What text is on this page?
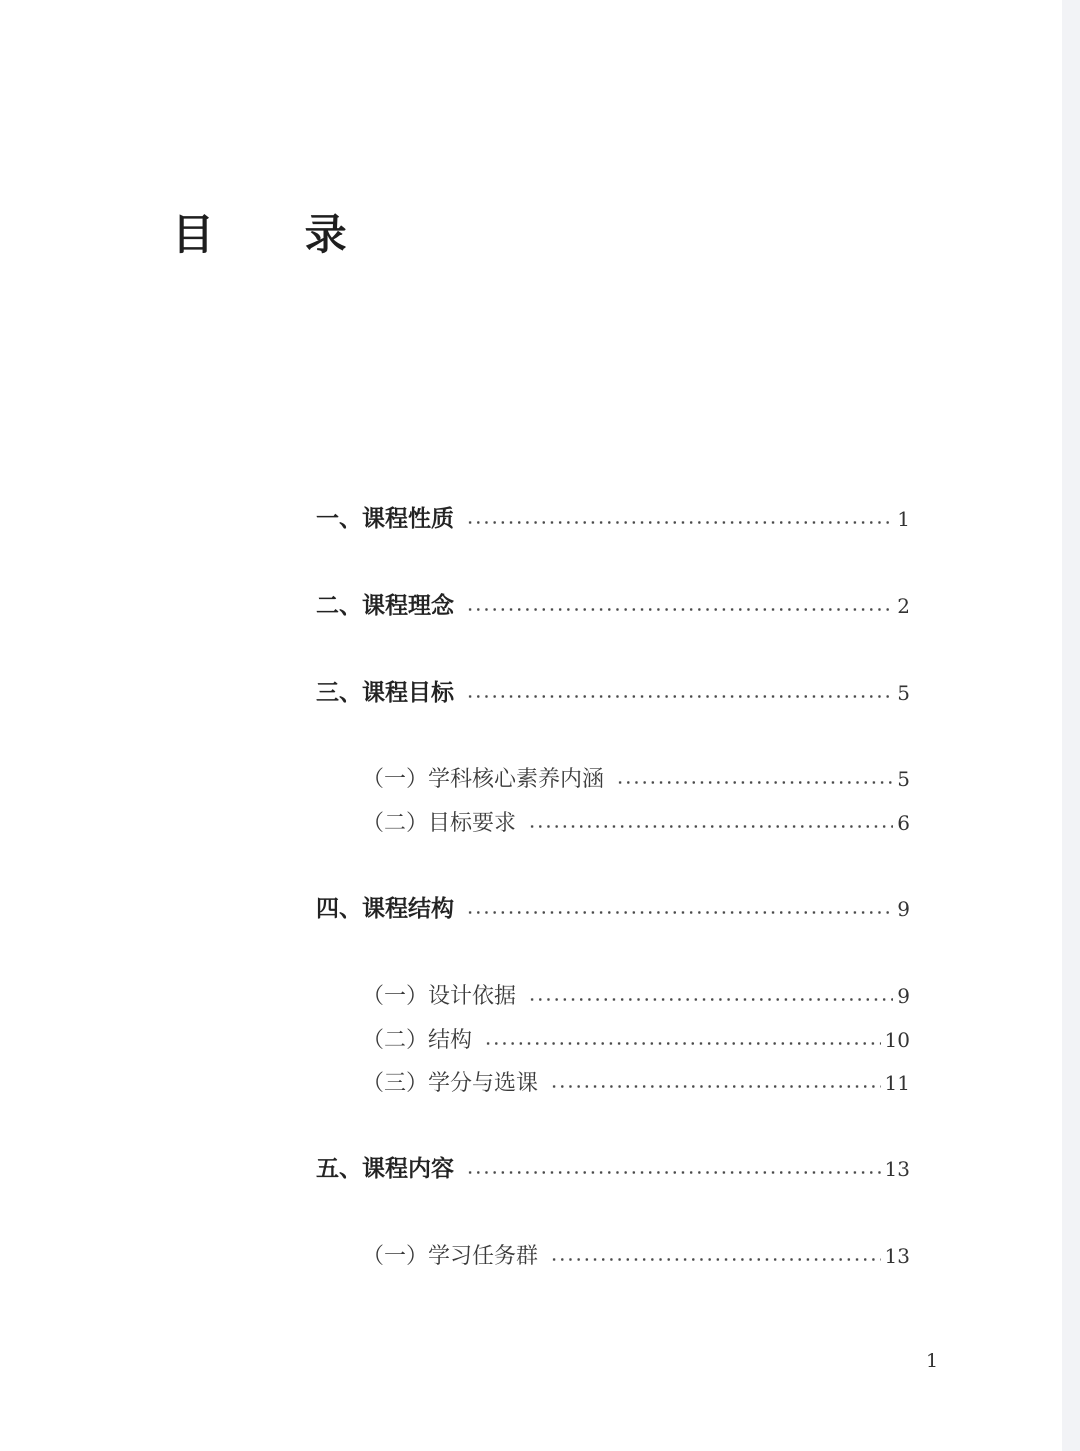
目 录
一、课程性质	1
二、课程理念	2
三、课程目标	5
（一）学科核心素养内涵	5
（二）目标要求	6
四、课程结构	9
（一）设计依据	9
（二）结构	10
（三）学分与选课	11
五、课程内容	13
（一）学习任务群	13
1
